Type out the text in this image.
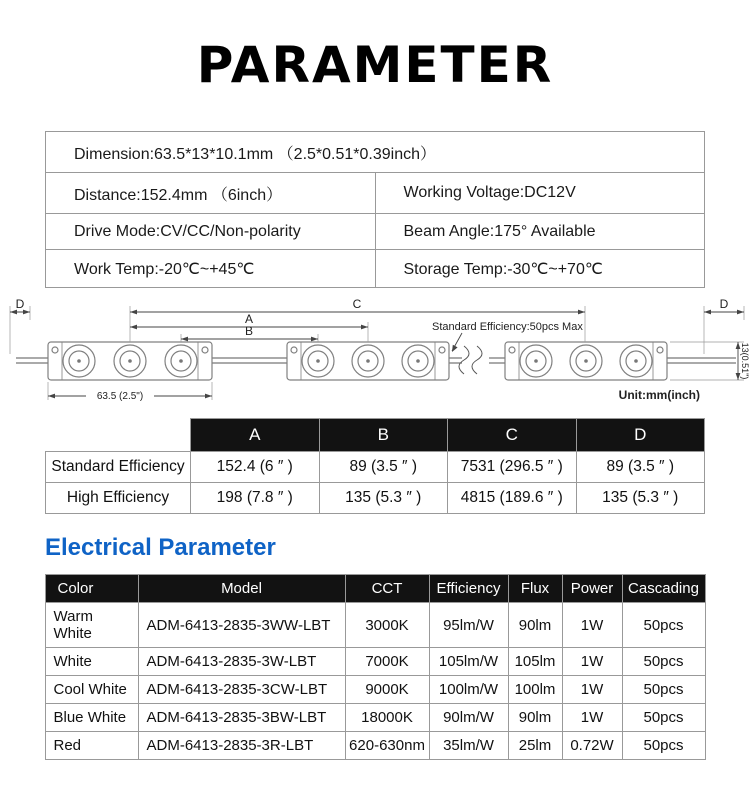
PARAMETER
Dimension:63.5*13*10.1mm （2.5*0.51*0.39inch）	
Distance:152.4mm （6inch）	Working Voltage:DC12V
Drive Mode:CV/CC/Non-polarity	Beam Angle:175° Available
Work Temp:-20℃~+45℃	Storage Temp:-30℃~+70℃
D	C	D
A
B	Standard Efficiency:50pcs Max
63.5 (2.5")
13(0.51")
Unit:mm(inch)
	A	B	C	D
Standard Efficiency	152.4 (6 ″ )	89 (3.5 ″ )	7531 (296.5 ″ )	89 (3.5 ″ )
High Efficiency	198 (7.8 ″ )	135 (5.3 ″ )	4815 (189.6 ″ )	135 (5.3 ″ )
Electrical Parameter
Color	Model	CCT	Efficiency	Flux	Power	Cascading
Warm White	ADM-6413-2835-3WW-LBT	3000K	95lm/W	90lm	1W	50pcs
White	ADM-6413-2835-3W-LBT	7000K	105lm/W	105lm	1W	50pcs
Cool White	ADM-6413-2835-3CW-LBT	9000K	100lm/W	100lm	1W	50pcs
Blue White	ADM-6413-2835-3BW-LBT	18000K	90lm/W	90lm	1W	50pcs
Red	ADM-6413-2835-3R-LBT	620-630nm	35lm/W	25lm	0.72W	50pcs
